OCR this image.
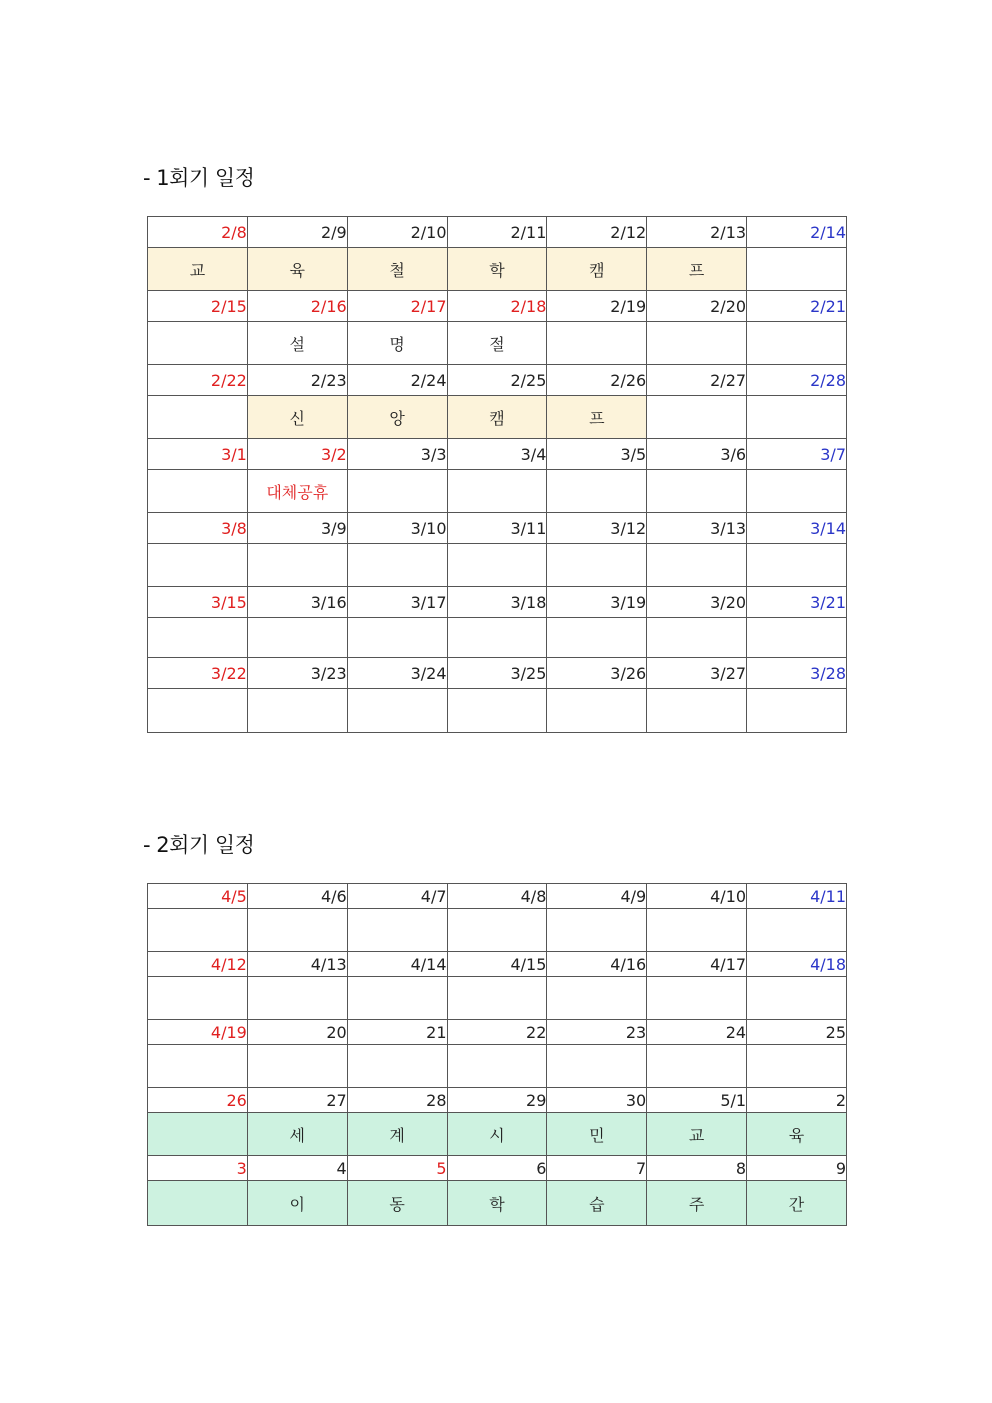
- 1회기 일정
2/8	2/9	2/10	2/11	2/12	2/13	2/14
교	육	철	학	캠	프	
2/15	2/16	2/17	2/18	2/19	2/20	2/21
	설	명	절			
2/22	2/23	2/24	2/25	2/26	2/27	2/28
	신	앙	캠	프		
3/1	3/2	3/3	3/4	3/5	3/6	3/7
	대체공휴					
3/8	3/9	3/10	3/11	3/12	3/13	3/14

3/15	3/16	3/17	3/18	3/19	3/20	3/21

3/22	3/23	3/24	3/25	3/26	3/27	3/28

- 2회기 일정
4/5	4/6	4/7	4/8	4/9	4/10	4/11

4/12	4/13	4/14	4/15	4/16	4/17	4/18

4/19	20	21	22	23	24	25

26	27	28	29	30	5/1	2
	세	계	시	민	교	육
3	4	5	6	7	8	9
	이	동	학	습	주	간
